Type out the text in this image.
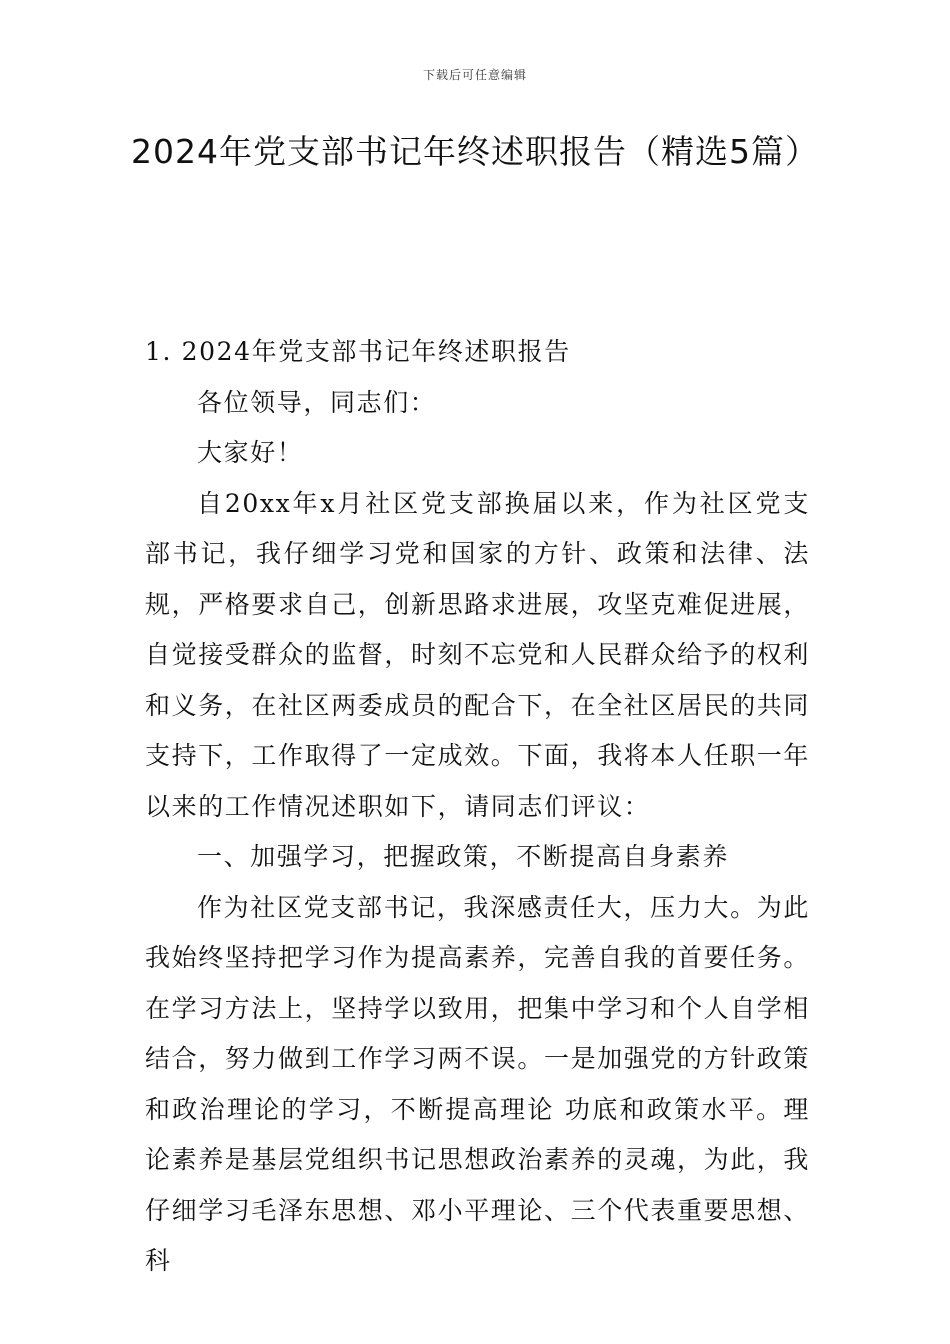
下载后可任意编辑
2024年党支部书记年终述职报告（精选5篇）

1. 2024年党支部书记年终述职报告

各位领导，同志们：

大家好！

自20xx年x月社区党支部换届以来，作为社区党支部书记，我仔细学习党和国家的方针、政策和法律、法规，严格要求自己，创新思路求进展，攻坚克难促进展，自觉接受群众的监督，时刻不忘党和人民群众给予的权利和义务，在社区两委成员的配合下，在全社区居民的共同支持下，工作取得了一定成效。下面，我将本人任职一年以来的工作情况述职如下，请同志们评议：

一、加强学习，把握政策，不断提高自身素养

作为社区党支部书记，我深感责任大，压力大。为此我始终坚持把学习作为提高素养，完善自我的首要任务。在学习方法上，坚持学以致用，把集中学习和个人自学相结合，努力做到工作学习两不误。一是加强党的方针政策和政治理论的学习，不断提高理论 功底和政策水平。理论素养是基层党组织书记思想政治素养的灵魂，为此，我仔细学习毛泽东思想、邓小平理论、三个代表重要思想、科
